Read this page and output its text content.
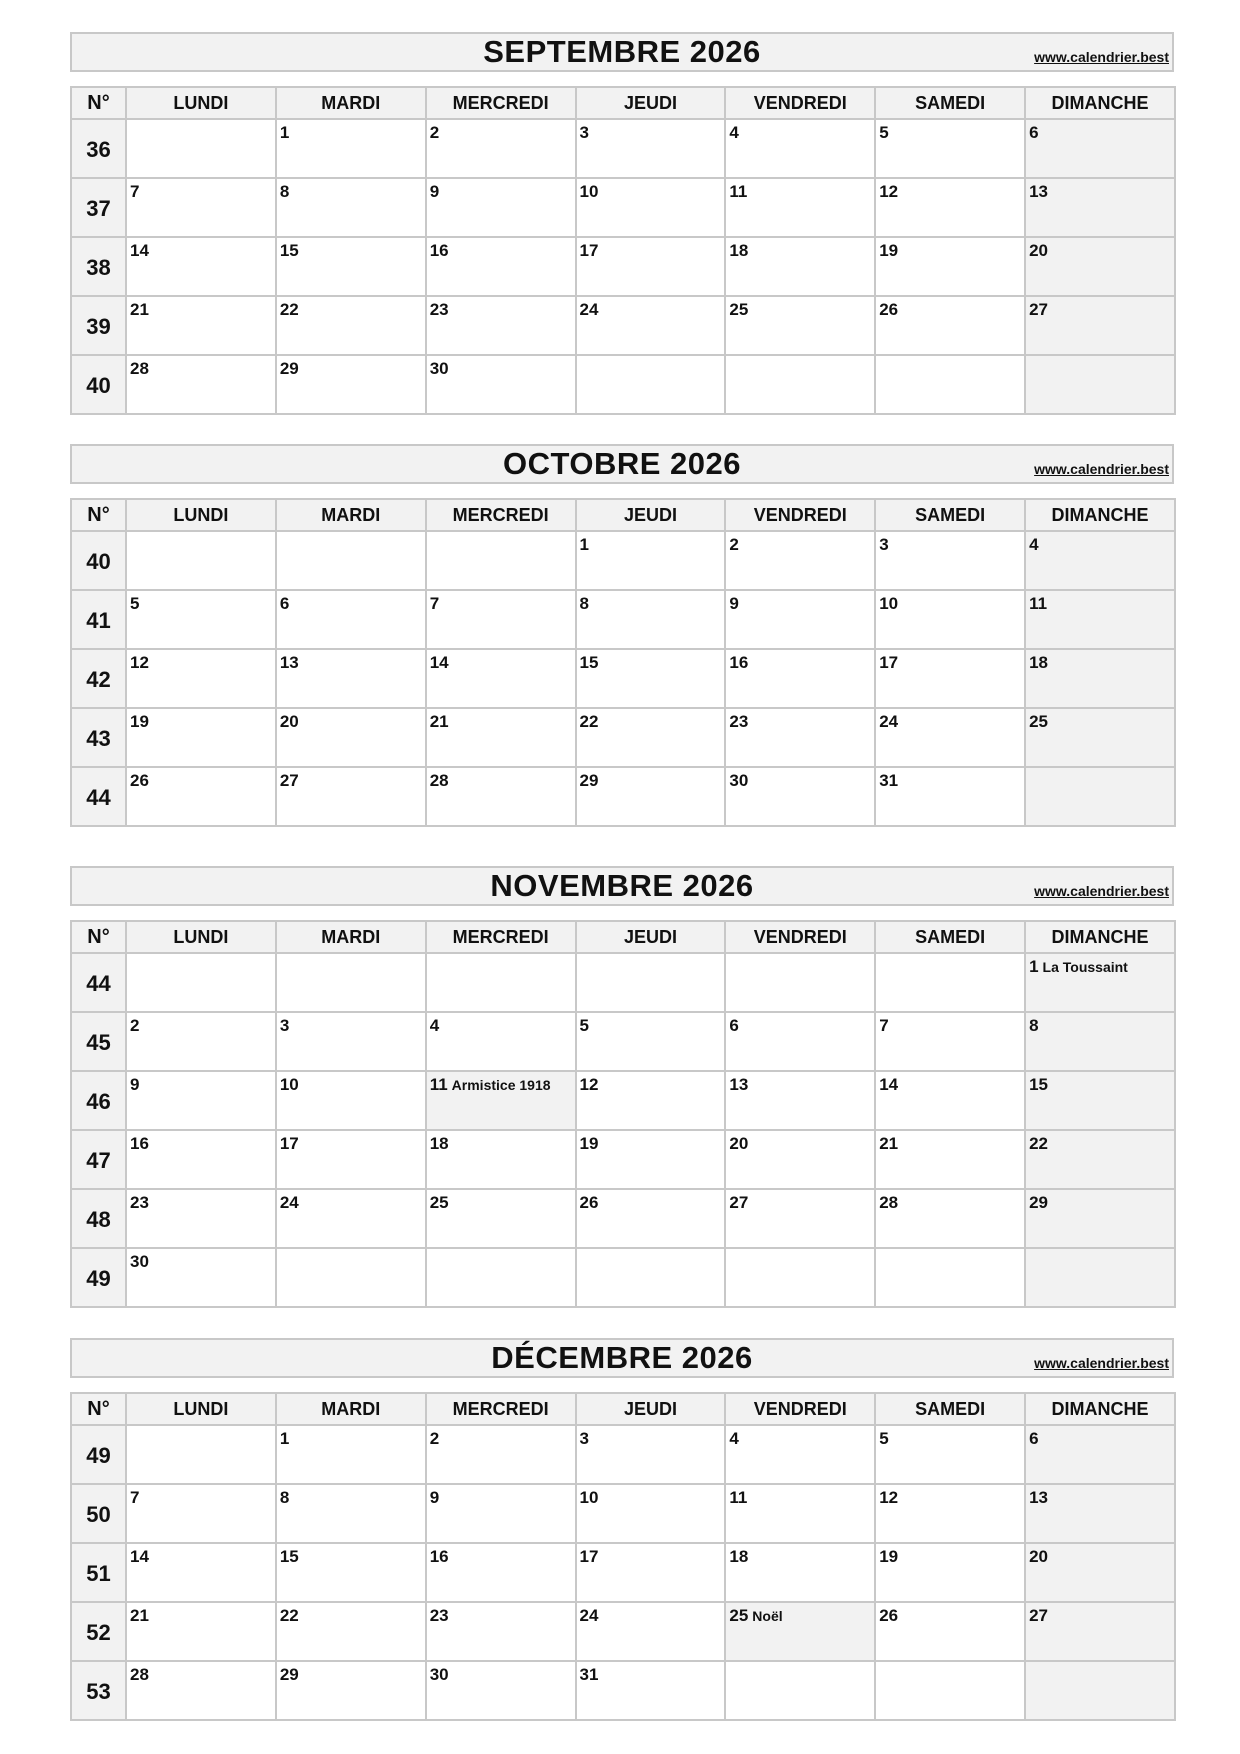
SEPTEMBRE 2026	www.calendrier.best
N°	LUNDI	MARDI	MERCREDI	JEUDI	VENDREDI	SAMEDI	DIMANCHE
36		1	2	3	4	5	6
37	7	8	9	10	11	12	13
38	14	15	16	17	18	19	20
39	21	22	23	24	25	26	27
40	28	29	30				
OCTOBRE 2026	www.calendrier.best
N°	LUNDI	MARDI	MERCREDI	JEUDI	VENDREDI	SAMEDI	DIMANCHE
40				1	2	3	4
41	5	6	7	8	9	10	11
42	12	13	14	15	16	17	18
43	19	20	21	22	23	24	25
44	26	27	28	29	30	31	
NOVEMBRE 2026	www.calendrier.best
N°	LUNDI	MARDI	MERCREDI	JEUDI	VENDREDI	SAMEDI	DIMANCHE
44							1 La Toussaint
45	2	3	4	5	6	7	8
46	9	10	11 Armistice 1918	12	13	14	15
47	16	17	18	19	20	21	22
48	23	24	25	26	27	28	29
49	30						
DÉCEMBRE 2026	www.calendrier.best
N°	LUNDI	MARDI	MERCREDI	JEUDI	VENDREDI	SAMEDI	DIMANCHE
49		1	2	3	4	5	6
50	7	8	9	10	11	12	13
51	14	15	16	17	18	19	20
52	21	22	23	24	25 Noël	26	27
53	28	29	30	31			
